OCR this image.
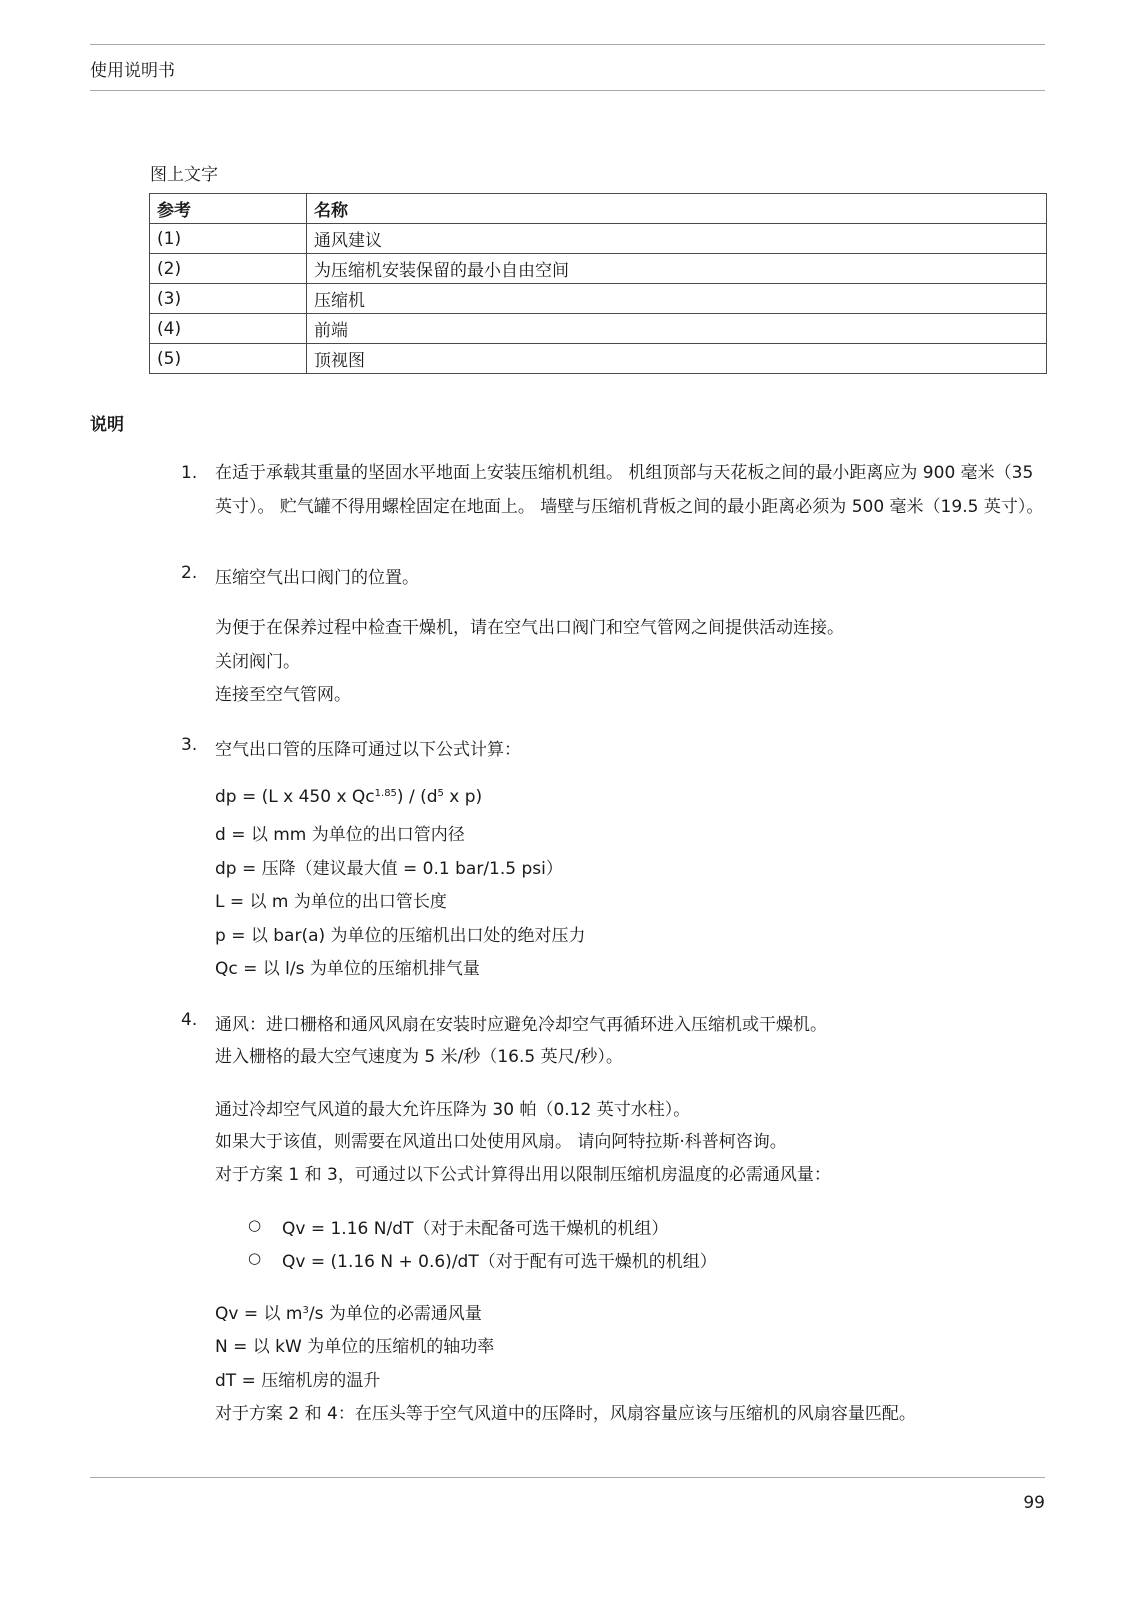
使用说明书
图上文字
参考	名称
(1)	通风建议
(2)	为压缩机安装保留的最小自由空间
(3)	压缩机
(4)	前端
(5)	顶视图
说明
1. 在适于承载其重量的坚固水平地面上安装压缩机机组。 机组顶部与天花板之间的最小距离应为 900 毫米（35 英寸）。 贮气罐不得用螺栓固定在地面上。 墙壁与压缩机背板之间的最小距离必须为 500 毫米（19.5 英寸）。
2. 压缩空气出口阀门的位置。
为便于在保养过程中检查干燥机，请在空气出口阀门和空气管网之间提供活动连接。
关闭阀门。
连接至空气管网。
3. 空气出口管的压降可通过以下公式计算：
dp = (L x 450 x $Qc^{1.85}) / (d^5$ x p)
d = 以 mm 为单位的出口管内径
dp = 压降（建议最大值 = 0.1 bar/1.5 psi）
L = 以 m 为单位的出口管长度
p = 以 bar(a) 为单位的压缩机出口处的绝对压力
Qc = 以 l/s 为单位的压缩机排气量
4. 通风：进口栅格和通风风扇在安装时应避免冷却空气再循环进入压缩机或干燥机。
进入栅格的最大空气速度为 5 米/秒（16.5 英尺/秒）。
通过冷却空气风道的最大允许压降为 30 帕（0.12 英寸水柱）。
如果大于该值，则需要在风道出口处使用风扇。 请向阿特拉斯·科普柯咨询。
对于方案 1 和 3，可通过以下公式计算得出用以限制压缩机房温度的必需通风量：
○ Qv = 1.16 N/dT（对于未配备可选干燥机的机组）
○ Qv = (1.16 N + 0.6)/dT（对于配有可选干燥机的机组）
Qv = 以 $m^3/s$ 为单位的必需通风量
N = 以 kW 为单位的压缩机的轴功率
dT = 压缩机房的温升
对于方案 2 和 4：在压头等于空气风道中的压降时，风扇容量应该与压缩机的风扇容量匹配。
99
